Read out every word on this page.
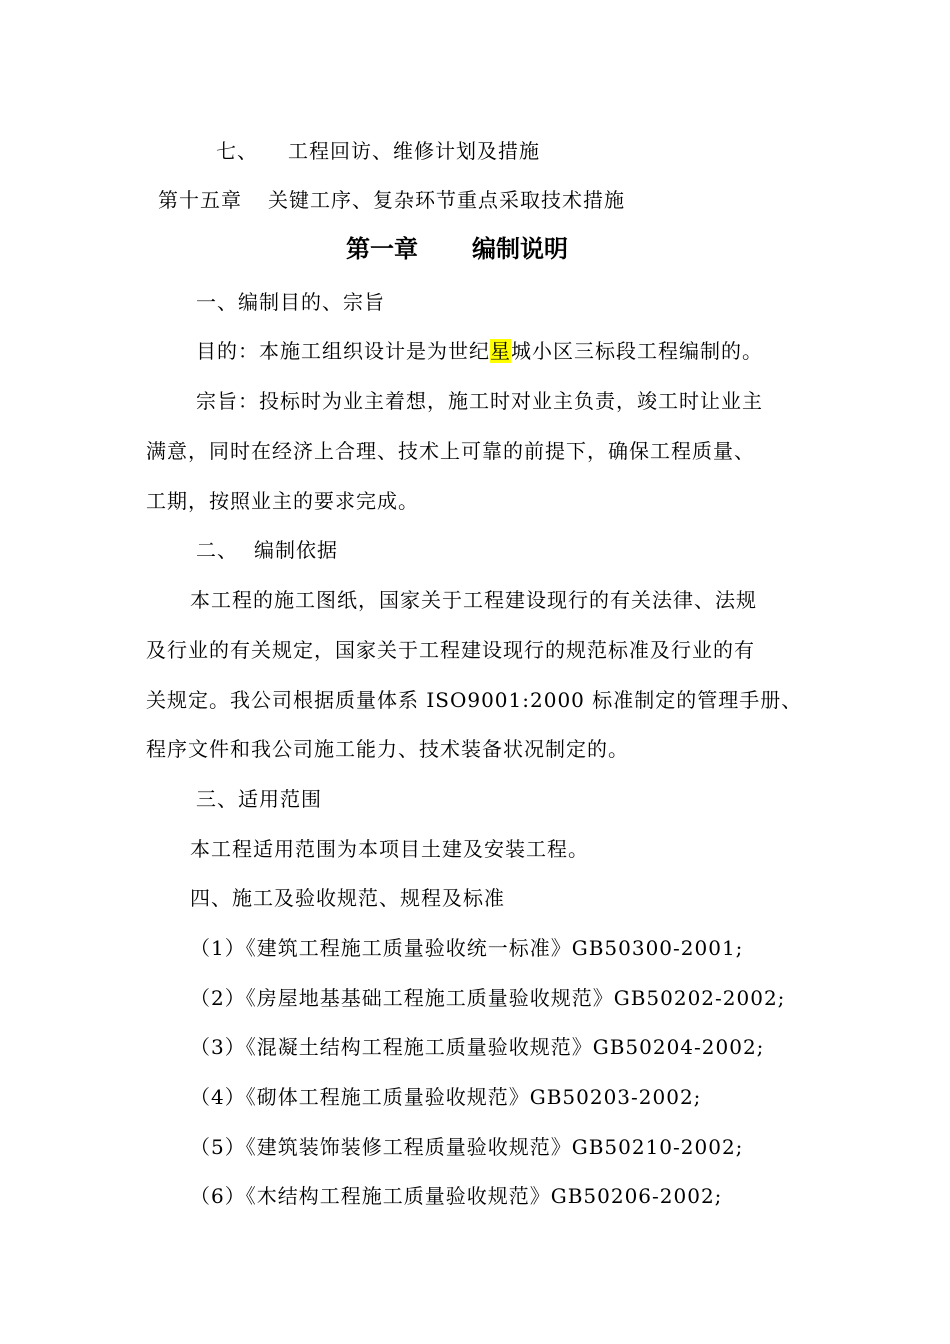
七、 工程回访、维修计划及措施
第十五章 关键工序、复杂环节重点采取技术措施
第一章 编制说明
一、编制目的、宗旨
目的：本施工组织设计是为世纪星城小区三标段工程编制的。
宗旨：投标时为业主着想，施工时对业主负责，竣工时让业主
满意，同时在经济上合理、技术上可靠的前提下，确保工程质量、
工期，按照业主的要求完成。
二、 编制依据
本工程的施工图纸，国家关于工程建设现行的有关法律、法规
及行业的有关规定，国家关于工程建设现行的规范标准及行业的有
关规定。我公司根据质量体系 ISO9001:2000 标准制定的管理手册、
程序文件和我公司施工能力、技术装备状况制定的。
三、适用范围
本工程适用范围为本项目土建及安装工程。
四、施工及验收规范、规程及标准
（1）《建筑工程施工质量验收统一标准》GB50300-2001;
（2）《房屋地基基础工程施工质量验收规范》GB50202-2002;
（3）《混凝土结构工程施工质量验收规范》GB50204-2002;
（4）《砌体工程施工质量验收规范》GB50203-2002;
（5）《建筑装饰装修工程质量验收规范》GB50210-2002;
（6）《木结构工程施工质量验收规范》GB50206-2002;
